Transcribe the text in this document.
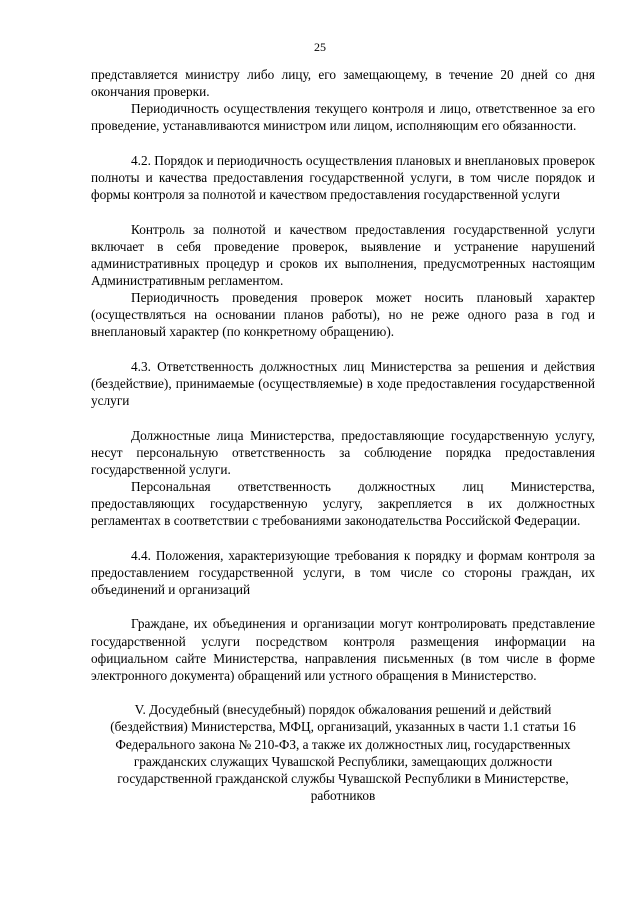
25

представляется министру либо лицу, его замещающему, в течение 20 дней со дня окончания проверки.

Периодичность осуществления текущего контроля и лицо, ответственное за его проведение, устанавливаются министром или лицом, исполняющим его обязанности.

4.2. Порядок и периодичность осуществления плановых и внеплановых проверок полноты и качества предоставления государственной услуги, в том числе порядок и формы контроля за полнотой и качеством предоставления государственной услуги

Контроль за полнотой и качеством предоставления государственной услуги включает в себя проведение проверок, выявление и устранение нарушений административных процедур и сроков их выполнения, предусмотренных настоящим Административным регламентом.

Периодичность проведения проверок может носить плановый характер (осуществляться на основании планов работы), но не реже одного раза в год и внеплановый характер (по конкретному обращению).

4.3. Ответственность должностных лиц Министерства за решения и действия (бездействие), принимаемые (осуществляемые) в ходе предоставления государственной услуги

Должностные лица Министерства, предоставляющие государственную услугу, несут персональную ответственность за соблюдение порядка предоставления государственной услуги.

Персональная ответственность должностных лиц Министерства, предоставляющих государственную услугу, закрепляется в их должностных регламентах в соответствии с требованиями законодательства Российской Федерации.

4.4. Положения, характеризующие требования к порядку и формам контроля за предоставлением государственной услуги, в том числе со стороны граждан, их объединений и организаций

Граждане, их объединения и организации могут контролировать представление государственной услуги посредством контроля размещения информации на официальном сайте Министерства, направления письменных (в том числе в форме электронного документа) обращений или устного обращения в Министерство.

V. Досудебный (внесудебный) порядок обжалования решений и действий (бездействия) Министерства, МФЦ, организаций, указанных в части 1.1 статьи 16 Федерального закона № 210-ФЗ, а также их должностных лиц, государственных гражданских служащих Чувашской Республики, замещающих должности государственной гражданской службы Чувашской Республики в Министерстве, работников
